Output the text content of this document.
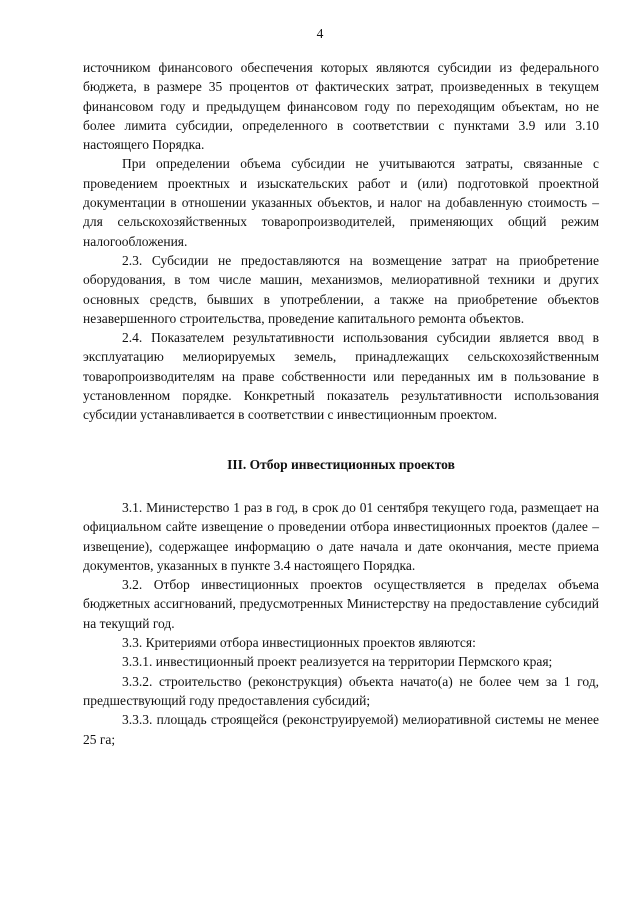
4

источником финансового обеспечения которых являются субсидии из федерального бюджета, в размере 35 процентов от фактических затрат, произведенных в текущем финансовом году и предыдущем финансовом году по переходящим объектам, но не более лимита субсидии, определенного в соответствии с пунктами 3.9 или 3.10 настоящего Порядка.

При определении объема субсидии не учитываются затраты, связанные с проведением проектных и изыскательских работ и (или) подготовкой проектной документации в отношении указанных объектов, и налог на добавленную стоимость – для сельскохозяйственных товаропроизводителей, применяющих общий режим налогообложения.

2.3. Субсидии не предоставляются на возмещение затрат на приобретение оборудования, в том числе машин, механизмов, мелиоративной техники и других основных средств, бывших в употреблении, а также на приобретение объектов незавершенного строительства, проведение капитального ремонта объектов.

2.4. Показателем результативности использования субсидии является ввод в эксплуатацию мелиорируемых земель, принадлежащих сельскохозяйственным товаропроизводителям на праве собственности или переданных им в пользование в установленном порядке. Конкретный показатель результативности использования субсидии устанавливается в соответствии с инвестиционным проектом.

III. Отбор инвестиционных проектов

3.1. Министерство 1 раз в год, в срок до 01 сентября текущего года, размещает на официальном сайте извещение о проведении отбора инвестиционных проектов (далее – извещение), содержащее информацию о дате начала и дате окончания, месте приема документов, указанных в пункте 3.4 настоящего Порядка.

3.2. Отбор инвестиционных проектов осуществляется в пределах объема бюджетных ассигнований, предусмотренных Министерству на предоставление субсидий на текущий год.

3.3. Критериями отбора инвестиционных проектов являются:

3.3.1. инвестиционный проект реализуется на территории Пермского края;

3.3.2. строительство (реконструкция) объекта начато(а) не более чем за 1 год, предшествующий году предоставления субсидий;

3.3.3. площадь строящейся (реконструируемой) мелиоративной системы не менее 25 га;
